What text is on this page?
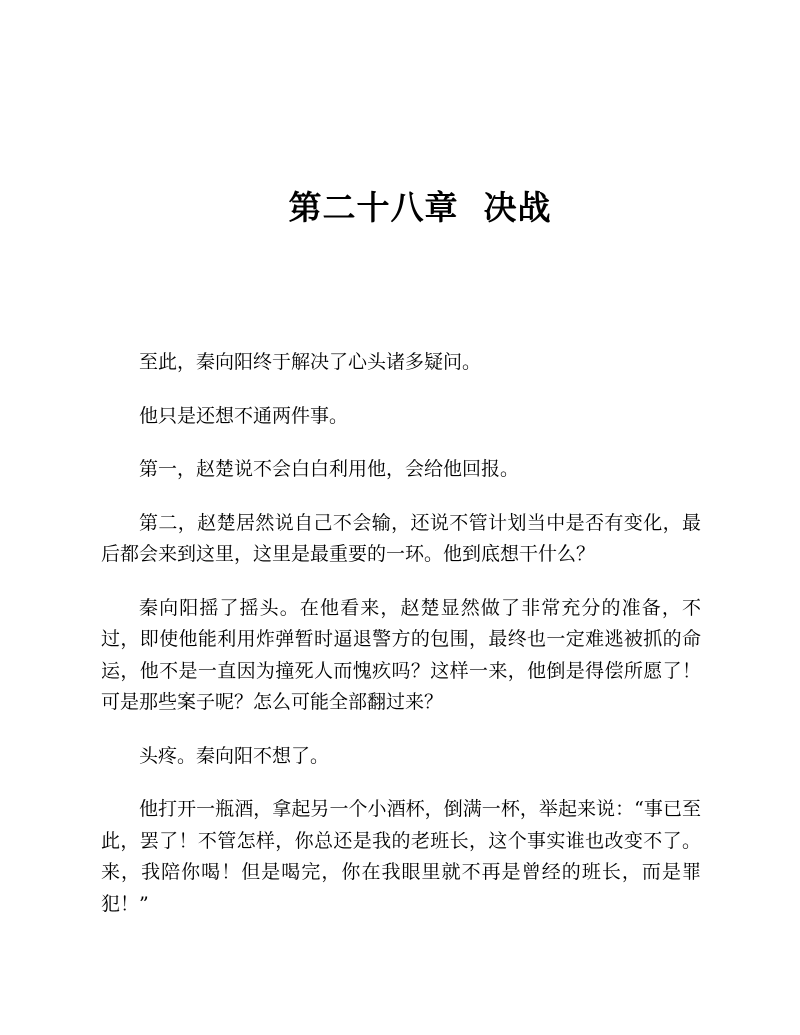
第二十八章  决战

至此，秦向阳终于解决了心头诸多疑问。

他只是还想不通两件事。

第一，赵楚说不会白白利用他，会给他回报。

第二，赵楚居然说自己不会输，还说不管计划当中是否有变化，最后都会来到这里，这里是最重要的一环。他到底想干什么？

秦向阳摇了摇头。在他看来，赵楚显然做了非常充分的准备，不过，即使他能利用炸弹暂时逼退警方的包围，最终也一定难逃被抓的命运，他不是一直因为撞死人而愧疚吗？这样一来，他倒是得偿所愿了！可是那些案子呢？怎么可能全部翻过来？

头疼。秦向阳不想了。

他打开一瓶酒，拿起另一个小酒杯，倒满一杯，举起来说：“事已至此，罢了！不管怎样，你总还是我的老班长，这个事实谁也改变不了。来，我陪你喝！但是喝完，你在我眼里就不再是曾经的班长，而是罪犯！”
